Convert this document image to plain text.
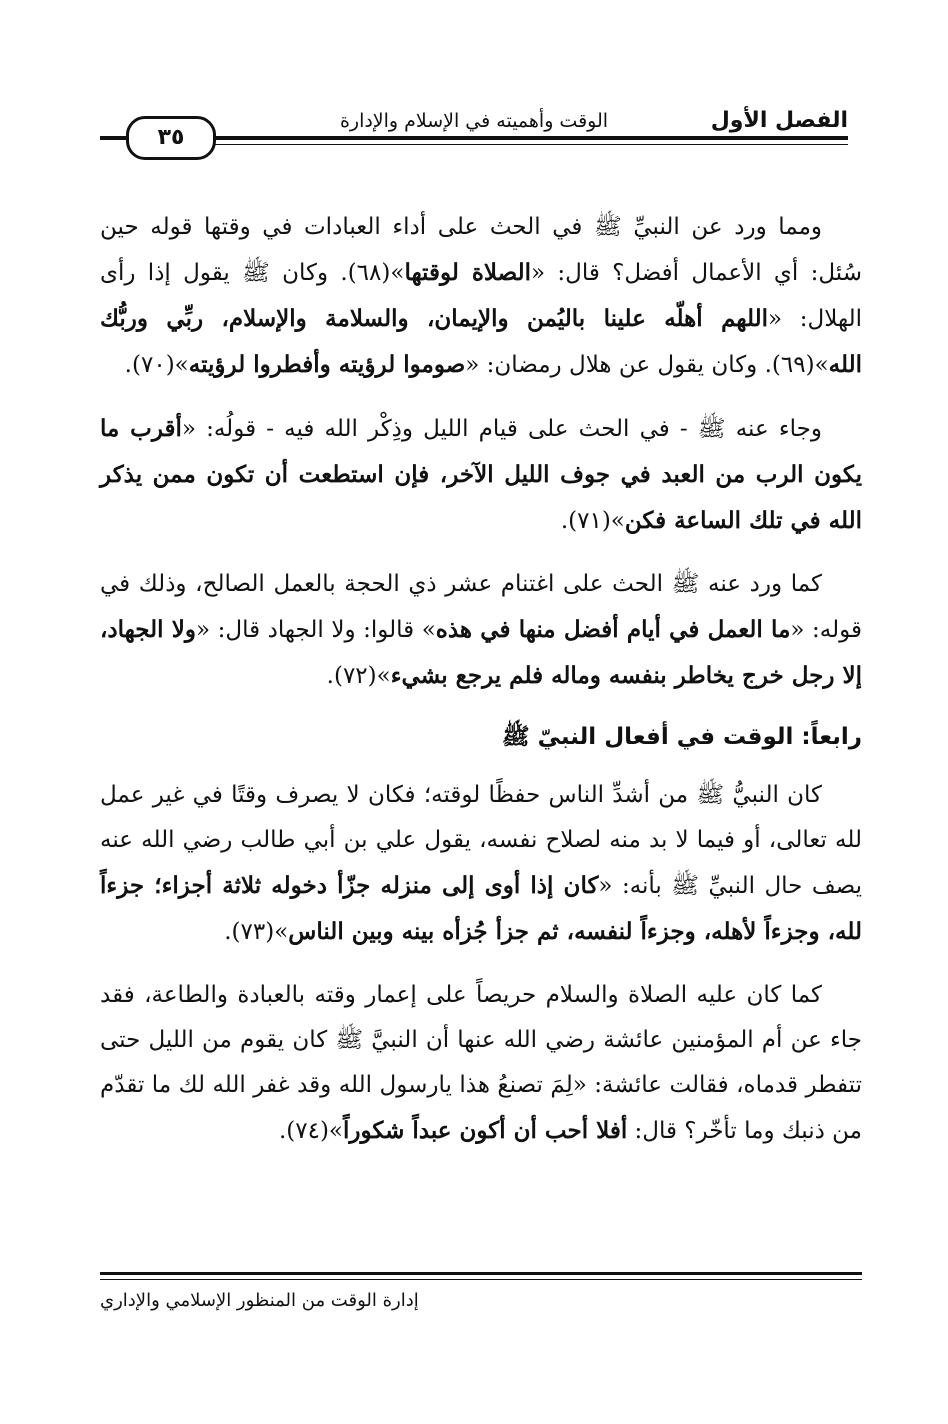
الفصل الأول
الوقت وأهميته في الإسلام والإدارة
٣٥

ومما ورد عن النبيِّ ﷺ في الحث على أداء العبادات في وقتها قوله حين سُئل: أي الأعمال أفضل؟ قال: «الصلاة لوقتها»(٦٨). وكان ﷺ يقول إذا رأى الهلال: «اللهم أهلّه علينا باليُمن والإيمان، والسلامة والإسلام، ربِّي وربُّك الله»(٦٩). وكان يقول عن هلال رمضان: «صوموا لرؤيته وأفطروا لرؤيته»(٧٠).

وجاء عنه ﷺ - في الحث على قيام الليل وذِكْر الله فيه - قولُه: «أقرب ما يكون الرب من العبد في جوف الليل الآخر، فإن استطعت أن تكون ممن يذكر الله في تلك الساعة فكن»(٧١).

كما ورد عنه ﷺ الحث على اغتنام عشر ذي الحجة بالعمل الصالح، وذلك في قوله: «ما العمل في أيام أفضل منها في هذه» قالوا: ولا الجهاد قال: «ولا الجهاد، إلا رجل خرج يخاطر بنفسه وماله فلم يرجع بشيء»(٧٢).

رابعاً: الوقت في أفعال النبيّ ﷺ

كان النبيُّ ﷺ من أشدِّ الناس حفظًا لوقته؛ فكان لا يصرف وقتًا في غير عمل لله تعالى، أو فيما لا بد منه لصلاح نفسه، يقول علي بن أبي طالب رضي الله عنه يصف حال النبيِّ ﷺ بأنه: «كان إذا أوى إلى منزله جزّأ دخوله ثلاثة أجزاء؛ جزءاً لله، وجزءاً لأهله، وجزءاً لنفسه، ثم جزأ جُزأه بينه وبين الناس»(٧٣).

كما كان عليه الصلاة والسلام حريصاً على إعمار وقته بالعبادة والطاعة، فقد جاء عن أم المؤمنين عائشة رضي الله عنها أن النبيَّ ﷺ كان يقوم من الليل حتى تتفطر قدماه، فقالت عائشة: «لِمَ تصنعُ هذا يارسول الله وقد غفر الله لك ما تقدّم من ذنبك وما تأخّر؟ قال: أفلا أحب أن أكون عبداً شكوراً»(٧٤).

إدارة الوقت من المنظور الإسلامي والإداري
